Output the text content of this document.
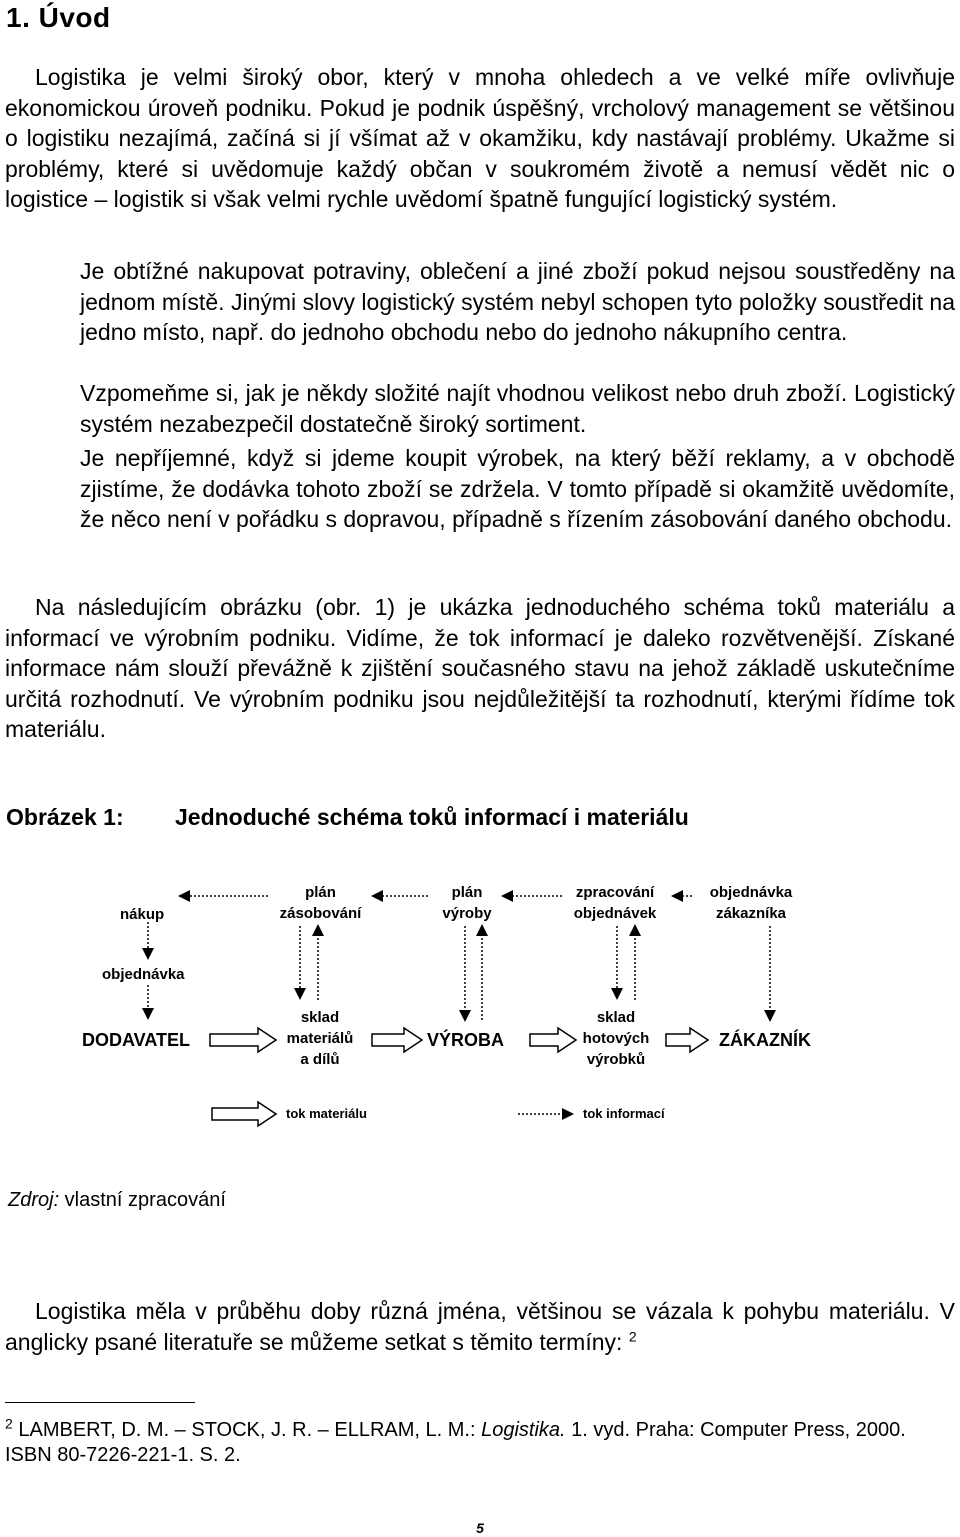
1. Úvod

Logistika je velmi široký obor, který v mnoha ohledech a ve velké míře ovlivňuje ekonomickou úroveň podniku. Pokud je podnik úspěšný, vrcholový management se většinou o logistiku nezajímá, začíná si jí všímat až v okamžiku, kdy nastávají problémy. Ukažme si problémy, které si uvědomuje každý občan v soukromém životě a nemusí vědět nic o logistice – logistik si však velmi rychle uvědomí špatně fungující logistický systém.

Je obtížné nakupovat potraviny, oblečení a jiné zboží pokud nejsou soustředěny na jednom místě. Jinými slovy logistický systém nebyl schopen tyto položky soustředit na jedno místo, např. do jednoho obchodu nebo do jednoho nákupního centra.

Vzpomeňme si, jak je někdy složité najít vhodnou velikost nebo druh zboží. Logistický systém nezabezpečil dostatečně široký sortiment.

Je nepříjemné, když si jdeme koupit výrobek, na který běží reklamy, a v obchodě zjistíme, že dodávka tohoto zboží se zdržela. V tomto případě si okamžitě uvědomíte, že něco není v pořádku s dopravou, případně s řízením zásobování daného obchodu.

Na následujícím obrázku (obr. 1) je ukázka jednoduchého schéma toků materiálu a informací ve výrobním podniku. Vidíme, že tok informací je daleko rozvětvenější. Získané informace nám slouží převážně k zjištění současného stavu na jehož základě uskutečníme určitá rozhodnutí. Ve výrobním podniku jsou nejdůležitější ta rozhodnutí, kterými řídíme tok materiálu.

Obrázek 1: Jednoduché schéma toků informací i materiálu
nákup
plán
zásobování
plán
výroby
zpracování
objednávek
objednávka
zákazníka
objednávka
DODAVATEL
sklad
materiálů
a dílů
VÝROBA
sklad
hotových
výrobků
ZÁKAZNÍK
tok materiálu	tok informací
Zdroj: vlastní zpracování

Logistika měla v průběhu doby různá jména, většinou se vázala k pohybu materiálu. V anglicky psané literatuře se můžeme setkat s těmito termíny: $^2$

$^2$ LAMBERT, D. M. – STOCK, J. R. – ELLRAM, L. M.: Logistika. 1. vyd. Praha: Computer Press, 2000. ISBN 80-7226-221-1. S. 2.

5
